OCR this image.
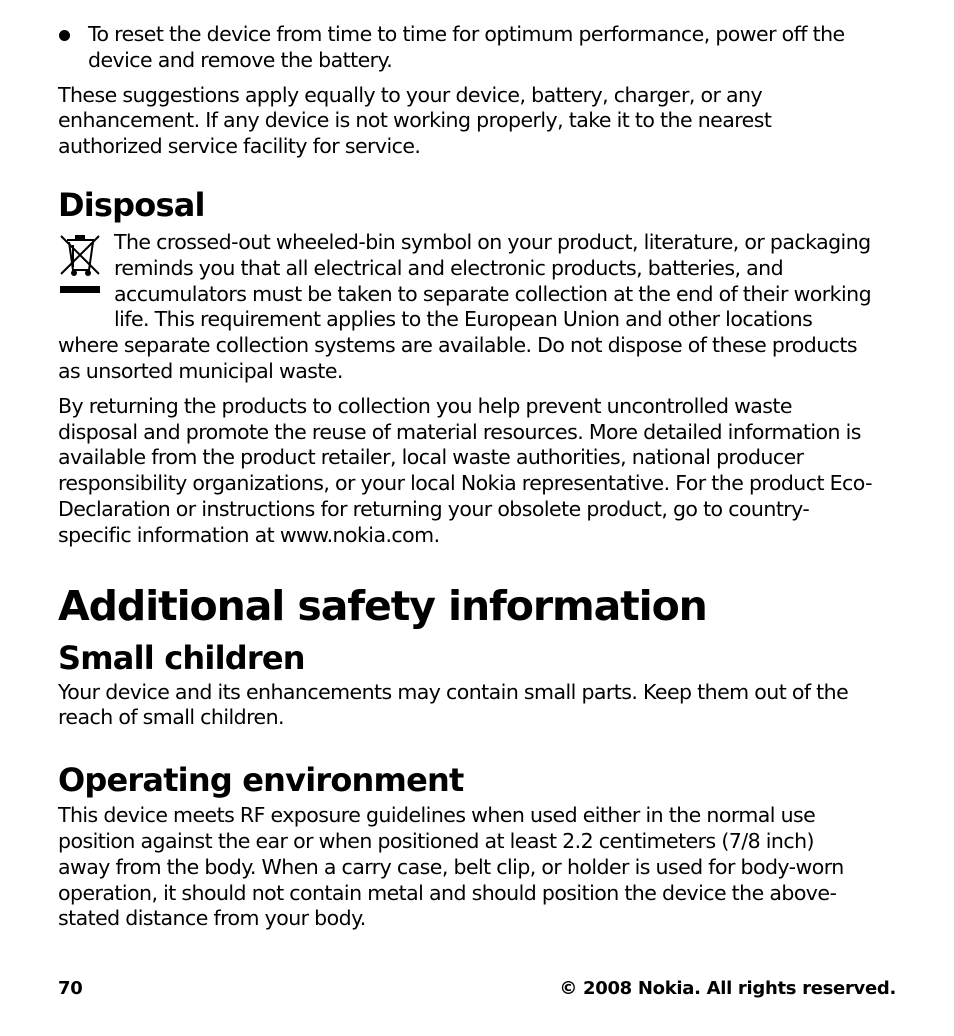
To reset the device from time to time for optimum performance, power off the
device and remove the battery.

These suggestions apply equally to your device, battery, charger, or any
enhancement. If any device is not working properly, take it to the nearest
authorized service facility for service.

Disposal

The crossed-out wheeled-bin symbol on your product, literature, or packaging
reminds you that all electrical and electronic products, batteries, and
accumulators must be taken to separate collection at the end of their working
life. This requirement applies to the European Union and other locations
where separate collection systems are available. Do not dispose of these products
as unsorted municipal waste.

By returning the products to collection you help prevent uncontrolled waste
disposal and promote the reuse of material resources. More detailed information is
available from the product retailer, local waste authorities, national producer
responsibility organizations, or your local Nokia representative. For the product Eco-
Declaration or instructions for returning your obsolete product, go to country-
specific information at www.nokia.com.

Additional safety information
Small children

Your device and its enhancements may contain small parts. Keep them out of the
reach of small children.

Operating environment

This device meets RF exposure guidelines when used either in the normal use
position against the ear or when positioned at least 2.2 centimeters (7/8 inch)
away from the body. When a carry case, belt clip, or holder is used for body-worn
operation, it should not contain metal and should position the device the above-
stated distance from your body.

70	© 2008 Nokia. All rights reserved.
